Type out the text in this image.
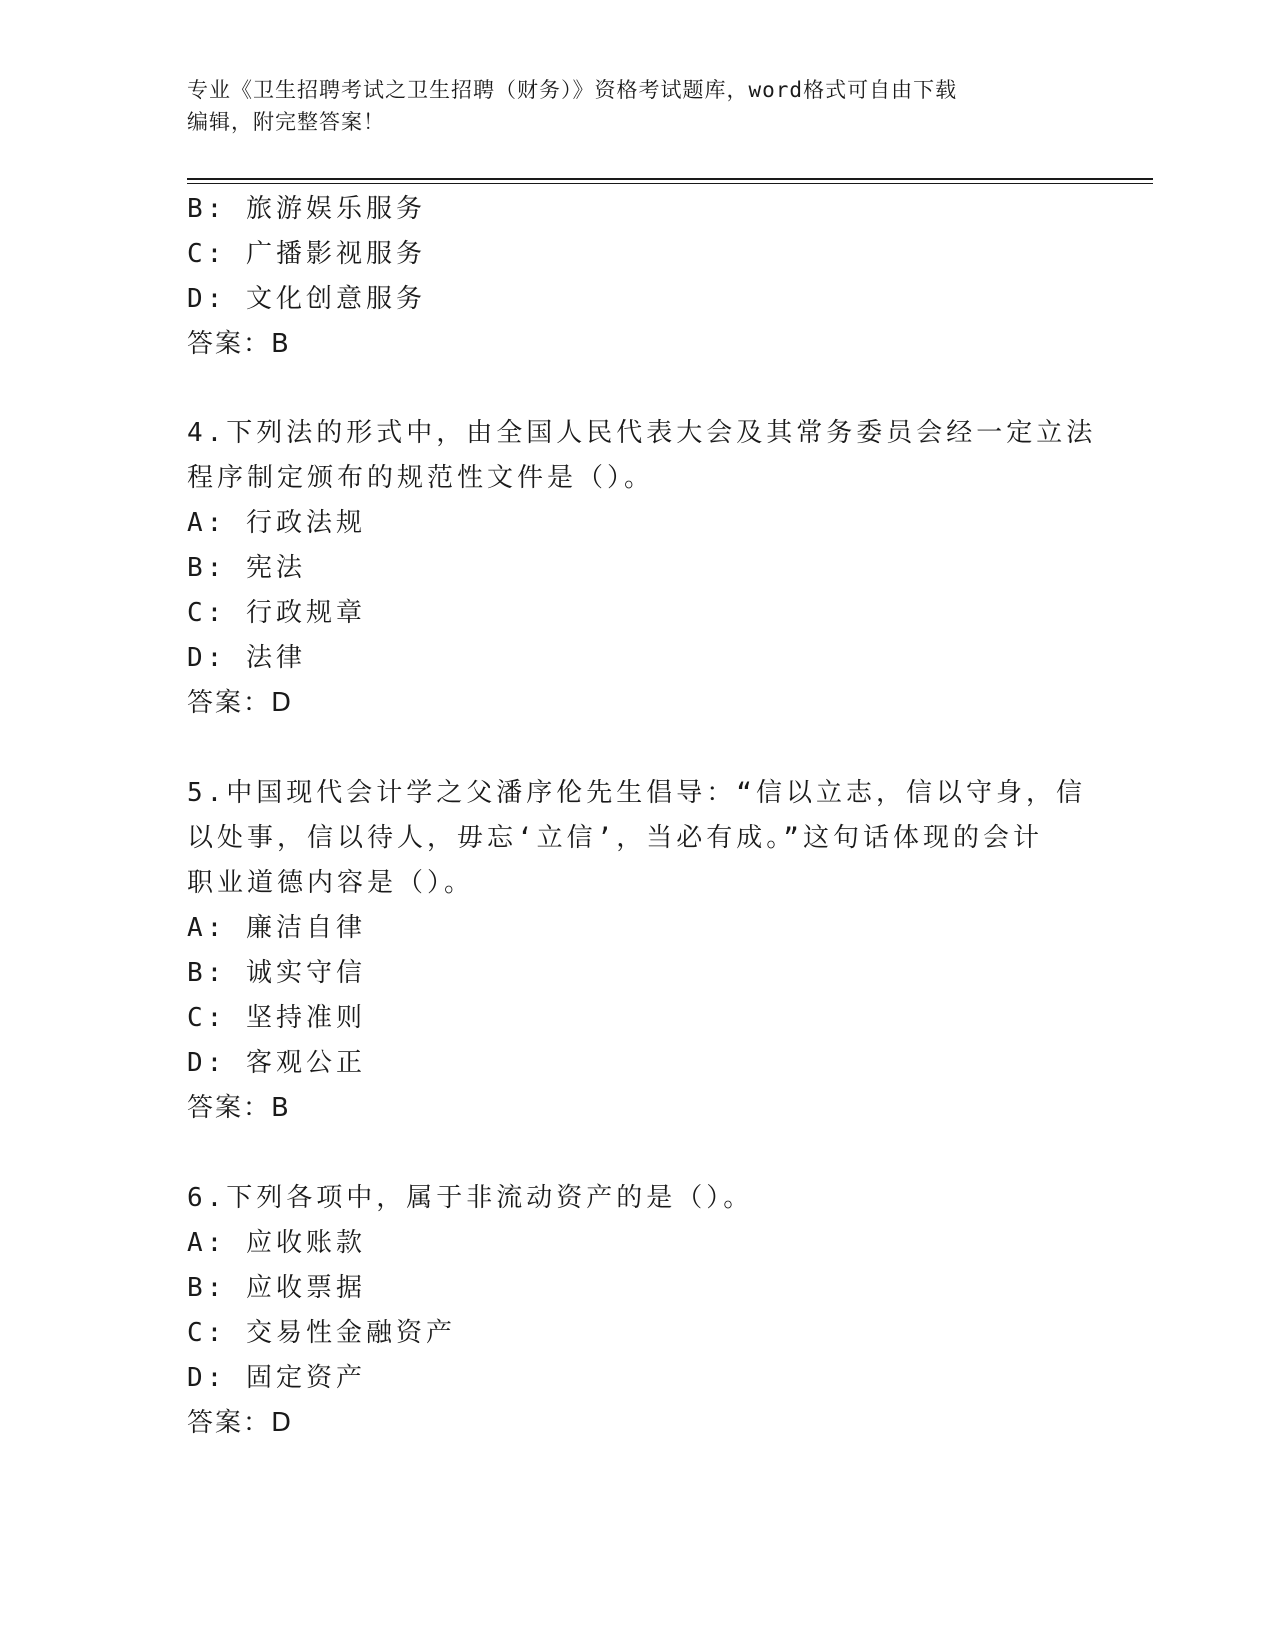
专业《卫生招聘考试之卫生招聘（财务）》资格考试题库，word格式可自由下载
编辑，附完整答案！
B: 旅游娱乐服务
C: 广播影视服务
D: 文化创意服务
答案：B
4.下列法的形式中，由全国人民代表大会及其常务委员会经一定立法
程序制定颁布的规范性文件是（）。
A: 行政法规
B: 宪法
C: 行政规章
D: 法律
答案：D
5.中国现代会计学之父潘序伦先生倡导：“信以立志，信以守身，信
以处事，信以待人，毋忘‘立信’，当必有成。”这句话体现的会计
职业道德内容是（）。
A: 廉洁自律
B: 诚实守信
C: 坚持准则
D: 客观公正
答案：B
6.下列各项中，属于非流动资产的是（）。
A: 应收账款
B: 应收票据
C: 交易性金融资产
D: 固定资产
答案：D
